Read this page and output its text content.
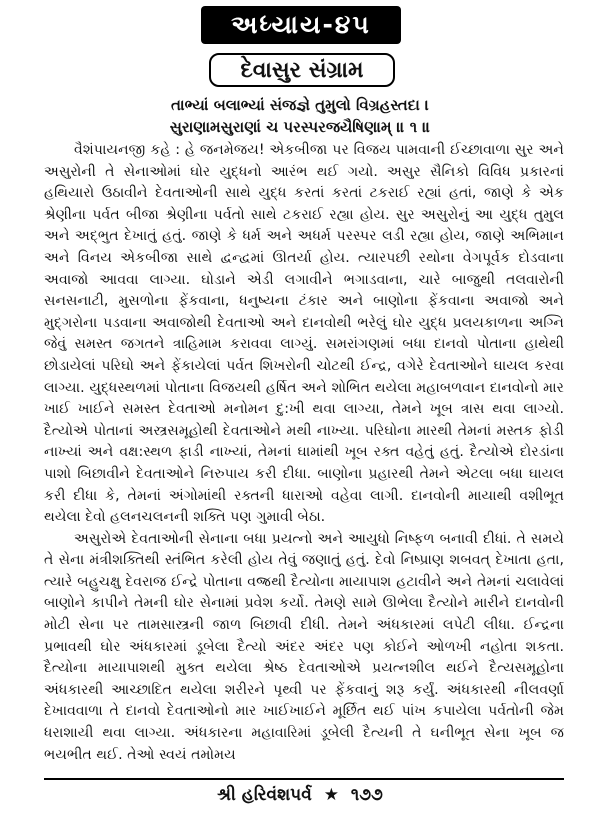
અધ્યાય-૪૫
દેવાસુર સંગ્રામ
તાભ્યાં બલાભ્યાં સંજજ્ઞે તુમુલો વિગ્રહસ્તદા ।
સુરાણામસુરાણાં ચ પરસ્પરજયૈષિણામ્ ॥ ૧ ॥

વૈશંપાયનજી કહે : હે જનમેજય! એકબીજા પર વિજય પામવાની ઈચ્છાવાળા સુર અને અસુરોની તે સેનાઓમાં ઘોર યુદ્ધનો આરંભ થઈ ગયો. અસુર સૈનિકો વિવિધ પ્રકારનાં હથિયારો ઉઠાવીને દેવતાઓની સાથે યુદ્ધ કરતાં કરતાં ટકરાઈ રહ્યાં હતાં, જાણે કે એક શ્રેણીના પર્વત બીજા શ્રેણીના પર્વતો સાથે ટકરાઈ રહ્યા હોય. સુર અસુરોનું આ યુદ્ધ તુમુલ અને અદ્ભુત દેખાતું હતું. જાણે કે ધર્મ અને અધર્મ પરસ્પર લડી રહ્યા હોય, જાણે અભિમાન અને વિનય એકબીજા સાથે દ્વન્દ્વમાં ઊતર્યા હોય. ત્યારપછી રથોના વેગપૂર્વક દોડવાના અવાજો આવવા લાગ્યા. ઘોડાને એડી લગાવીને ભગાડવાના, ચારે બાજુથી તલવારોની સનસનાટી, મુસળોના ફેંકવાના, ધનુષ્યના ટંકાર અને બાણોના ફેંકવાના અવાજો અને મુદ્ગરોના પડવાના અવાજોથી દેવતાઓ અને દાનવોથી ભરેલું ઘોર યુદ્ધ પ્રલયકાળના અગ્નિ જેવું સમસ્ત જગતને ત્રાહિમામ કરાવવા લાગ્યું. સમરાંગણમાં બધા દાનવો પોતાના હાથેથી છોડાયેલાં પરિઘો અને ફેંકાયેલાં પર્વત શિખરોની ચોટથી ઈન્દ્ર, વગેરે દેવતાઓને ઘાયલ કરવા લાગ્યા. યુદ્ધસ્થળમાં પોતાના વિજયથી હર્ષિત અને શોભિત થયેલા મહાબળવાન દાનવોનો માર ખાઈ ખાઈને સમસ્ત દેવતાઓ મનોમન દુ:ખી થવા લાગ્યા, તેમને ખૂબ ત્રાસ થવા લાગ્યો. દૈત્યોએ પોતાનાં અસ્ત્રસમૂહોથી દેવતાઓને મથી નાખ્યા. પરિઘોના મારથી તેમનાં મસ્તક ફોડી નાખ્યાં અને વક્ષ:સ્થળ ફાડી નાખ્યાં, તેમનાં ઘામાંથી ખૂબ રક્ત વહેતું હતું. દૈત્યોએ દોરડાંના પાશો બિછાવીને દેવતાઓને નિરુપાય કરી દીધા. બાણોના પ્રહારથી તેમને એટલા બધા ઘાયલ કરી દીધા કે, તેમનાં અંગોમાંથી રક્તની ધારાઓ વહેવા લાગી. દાનવોની માયાથી વશીભૂત થયેલા દેવો હલનચલનની શક્તિ પણ ગુમાવી બેઠા.

અસુરોએ દેવતાઓની સેનાના બધા પ્રયત્નો અને આયુધો નિષ્ફળ બનાવી દીધાં. તે સમયે તે સેના મંત્રીશક્તિથી સ્તંભિત કરેલી હોય તેવું જણાતું હતું. દેવો નિષ્પ્રાણ શબવત્ દેખાતા હતા, ત્યારે બહુચક્ષુ દેવરાજ ઈન્દ્રે પોતાના વજ્રથી દૈત્યોના માયાપાશ હટાવીને અને તેમનાં ચલાવેલાં બાણોને કાપીને તેમની ઘોર સેનામાં પ્રવેશ કર્યો. તેમણે સામે ઊભેલા દૈત્યોને મારીને દાનવોની મોટી સેના પર તામસાસ્ત્રની જાળ બિછાવી દીધી. તેમને અંધકારમાં લપેટી લીધા. ઈન્દ્રના પ્રભાવથી ઘોર અંધકારમાં ડૂબેલા દૈત્યો અંદર અંદર પણ કોઈને ઓળખી નહોતા શકતા. દૈત્યોના માયાપાશથી મુક્ત થયેલા શ્રેષ્ઠ દેવતાઓએ પ્રયત્નશીલ થઈને દૈત્યસમૂહોના અંધકારથી આચ્છાદિત થયેલા શરીરને પૃથ્વી પર ફેંકવાનું શરૂ કર્યું. અંધકારથી નીલવર્ણા દેખાવવાળા તે દાનવો દેવતાઓનો માર ખાઈખાઈને મૂર્છિત થઈ પાંખ કપાયેલા પર્વતોની જેમ ધરાશાયી થવા લાગ્યા. અંધકારના મહાવારિમાં ડૂબેલી દૈત્યની તે ઘનીભૂત સેના ખૂબ જ ભયભીત થઈ. તેઓ સ્વયં તમોમય

શ્રી હરિવંશપર્વ ★ ૧૭૭
